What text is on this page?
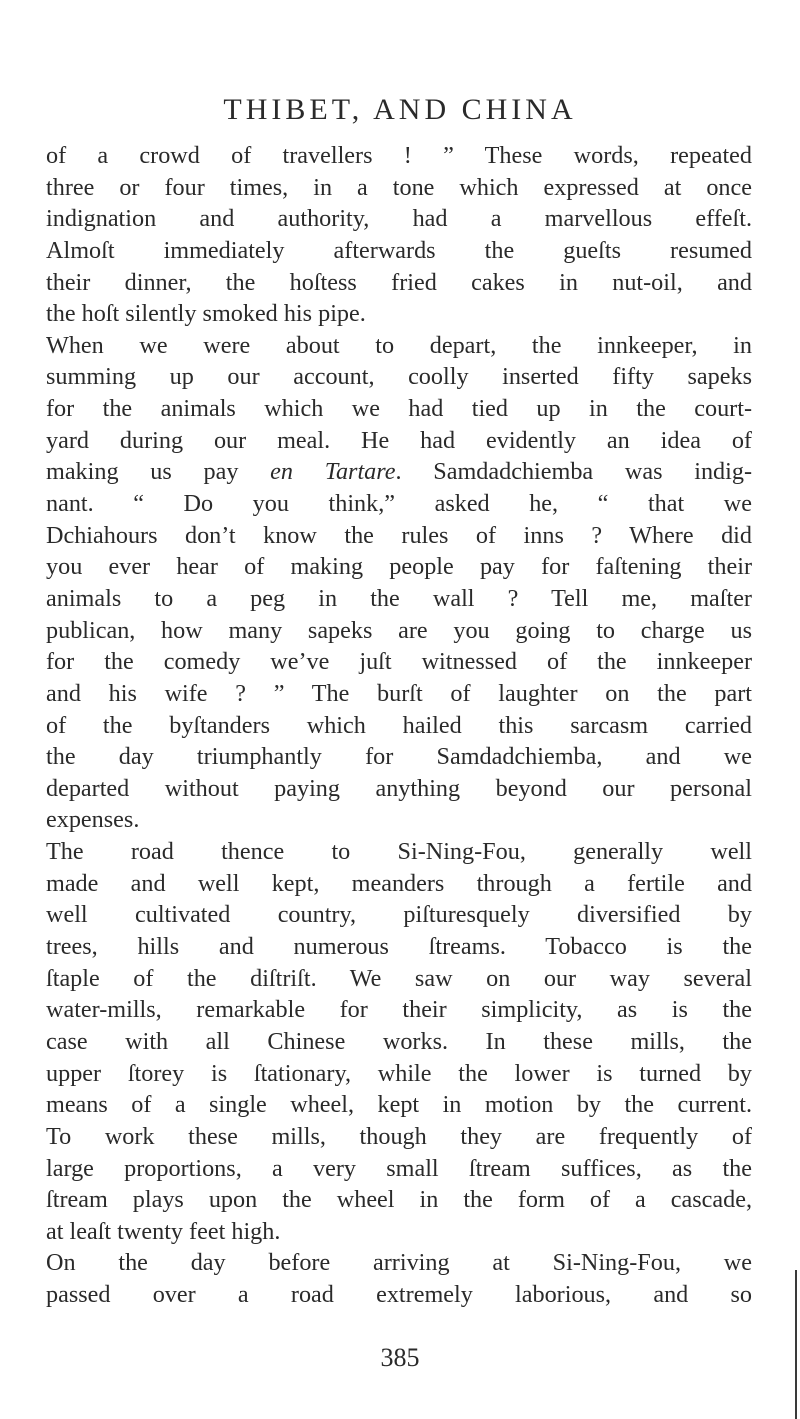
THIBET, AND CHINA
of a crowd of travellers ! ” These words, repeated
three or four times, in a tone which expressed at once
indignation and authority, had a marvellous effeſt.
Almoſt immediately afterwards the gueſts resumed
their dinner, the hoſtess fried cakes in nut-oil, and
the hoſt silently smoked his pipe.
When we were about to depart, the innkeeper, in
summing up our account, coolly inserted fifty sapeks
for the animals which we had tied up in the court-
yard during our meal. He had evidently an idea of
making us pay en Tartare. Samdadchiemba was indig-
nant. “ Do you think,” asked he, “ that we
Dchiahours don’t know the rules of inns ? Where did
you ever hear of making people pay for faſtening their
animals to a peg in the wall ? Tell me, maſter
publican, how many sapeks are you going to charge us
for the comedy we’ve juſt witnessed of the innkeeper
and his wife ? ” The burſt of laughter on the part
of the byſtanders which hailed this sarcasm carried
the day triumphantly for Samdadchiemba, and we
departed without paying anything beyond our personal
expenses.
The road thence to Si-Ning-Fou, generally well
made and well kept, meanders through a fertile and
well cultivated country, piſturesquely diversified by
trees, hills and numerous ſtreams. Tobacco is the
ſtaple of the diſtriſt. We saw on our way several
water-mills, remarkable for their simplicity, as is the
case with all Chinese works. In these mills, the
upper ſtorey is ſtationary, while the lower is turned by
means of a single wheel, kept in motion by the current.
To work these mills, though they are frequently of
large proportions, a very small ſtream suffices, as the
ſtream plays upon the wheel in the form of a cascade,
at leaſt twenty feet high.
On the day before arriving at Si-Ning-Fou, we
passed over a road extremely laborious, and so
385
